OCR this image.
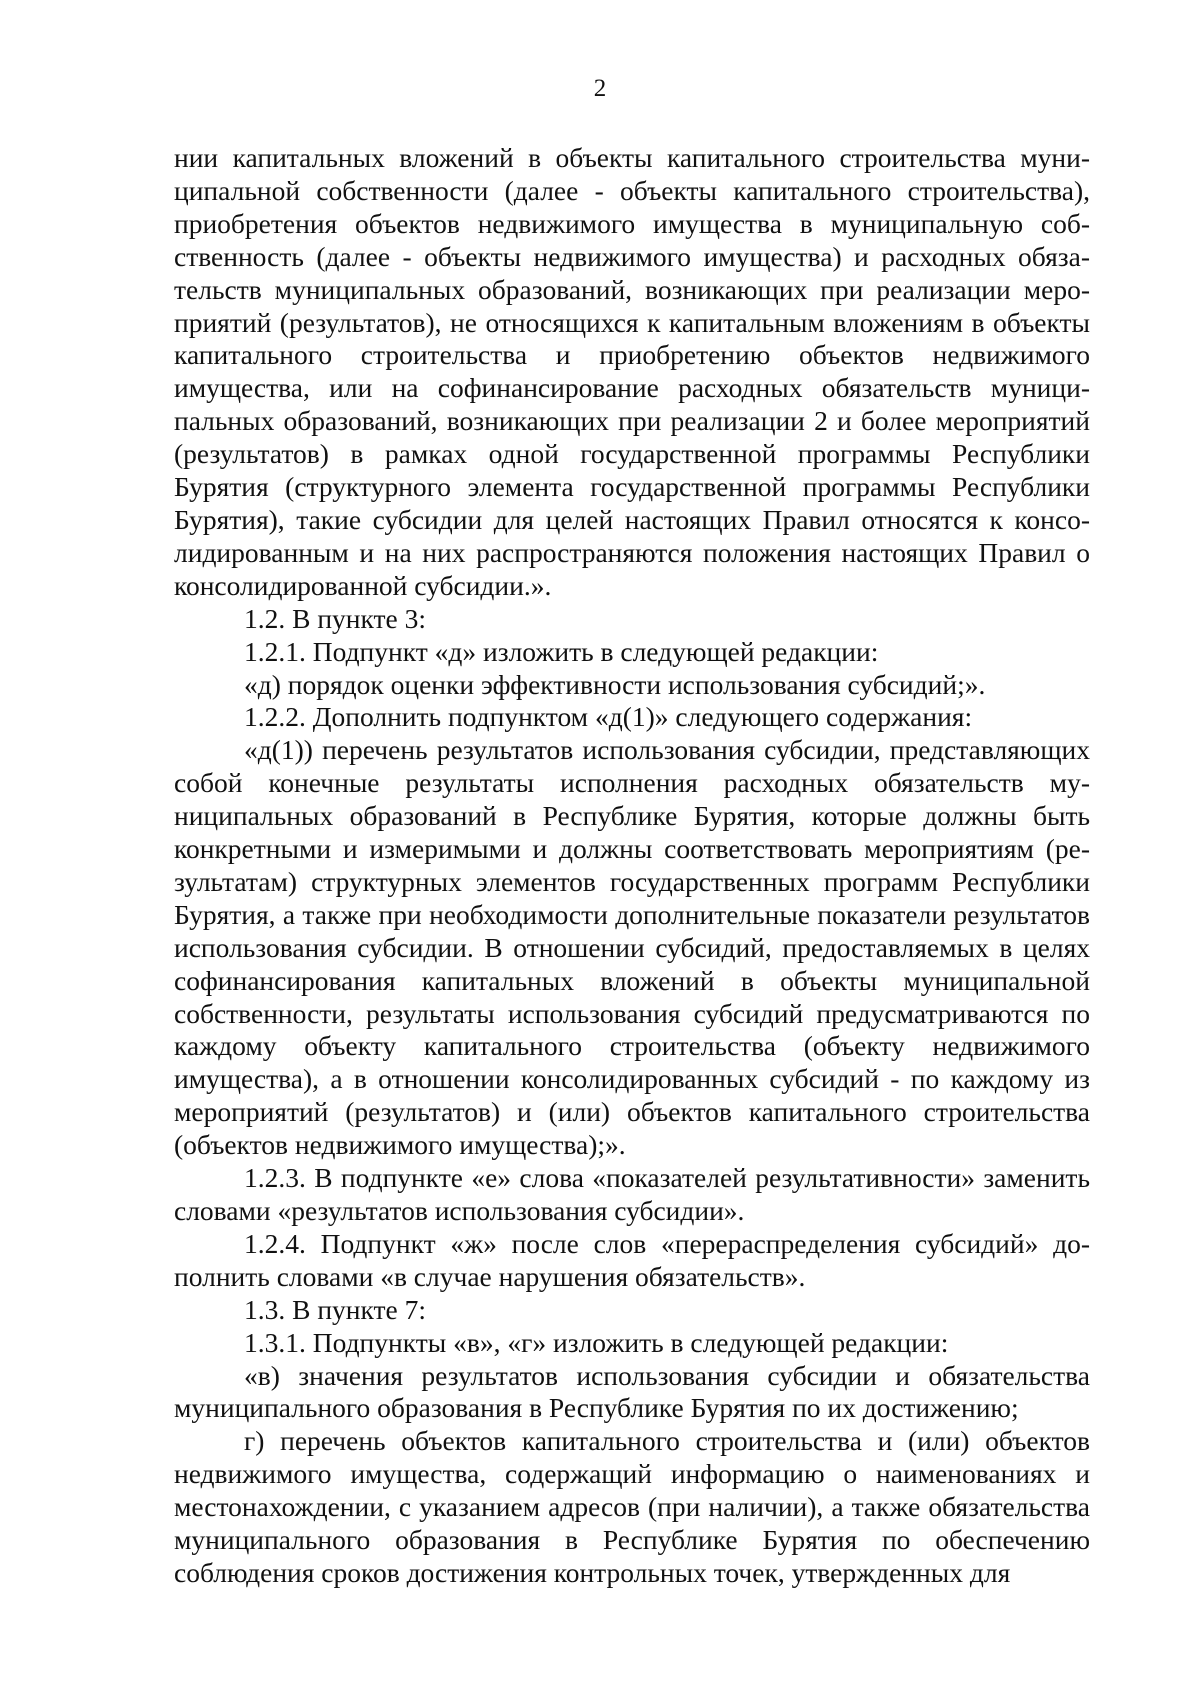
2

нии капитальных вложений в объекты капитального строительства муниципальной собственности (далее - объекты капитального строительства), приобретения объектов недвижимого имущества в муниципальную собственность (далее - объекты недвижимого имущества) и расходных обязательств муниципальных образований, возникающих при реализации мероприятий (результатов), не относящихся к капитальным вложениям в объекты капитального строительства и приобретению объектов недвижимого имущества, или на софинансирование расходных обязательств муниципальных образований, возникающих при реализации 2 и более мероприятий (результатов) в рамках одной государственной программы Республики Бурятия (структурного элемента государственной программы Республики Бурятия), такие субсидии для целей настоящих Правил относятся к консолидированным и на них распространяются положения настоящих Правил о консолидированной субсидии.».

1.2. В пункте 3:

1.2.1. Подпункт «д» изложить в следующей редакции:

«д) порядок оценки эффективности использования субсидий;».

1.2.2. Дополнить подпунктом «д(1)» следующего содержания:

«д(1)) перечень результатов использования субсидии, представляющих собой конечные результаты исполнения расходных обязательств муниципальных образований в Республике Бурятия, которые должны быть конкретными и измеримыми и должны соответствовать мероприятиям (результатам) структурных элементов государственных программ Республики Бурятия, а также при необходимости дополнительные показатели результатов использования субсидии. В отношении субсидий, предоставляемых в целях софинансирования капитальных вложений в объекты муниципальной собственности, результаты использования субсидий предусматриваются по каждому объекту капитального строительства (объекту недвижимого имущества), а в отношении консолидированных субсидий - по каждому из мероприятий (результатов) и (или) объектов капитального строительства (объектов недвижимого имущества);».

1.2.3. В подпункте «е» слова «показателей результативности» заменить словами «результатов использования субсидии».

1.2.4. Подпункт «ж» после слов «перераспределения субсидий» дополнить словами «в случае нарушения обязательств».

1.3. В пункте 7:

1.3.1. Подпункты «в», «г» изложить в следующей редакции:

«в) значения результатов использования субсидии и обязательства муниципального образования в Республике Бурятия по их достижению;

г) перечень объектов капитального строительства и (или) объектов недвижимого имущества, содержащий информацию о наименованиях и местонахождении, с указанием адресов (при наличии), а также обязательства муниципального образования в Республике Бурятия по обеспечению соблюдения сроков достижения контрольных точек, утвержденных для
